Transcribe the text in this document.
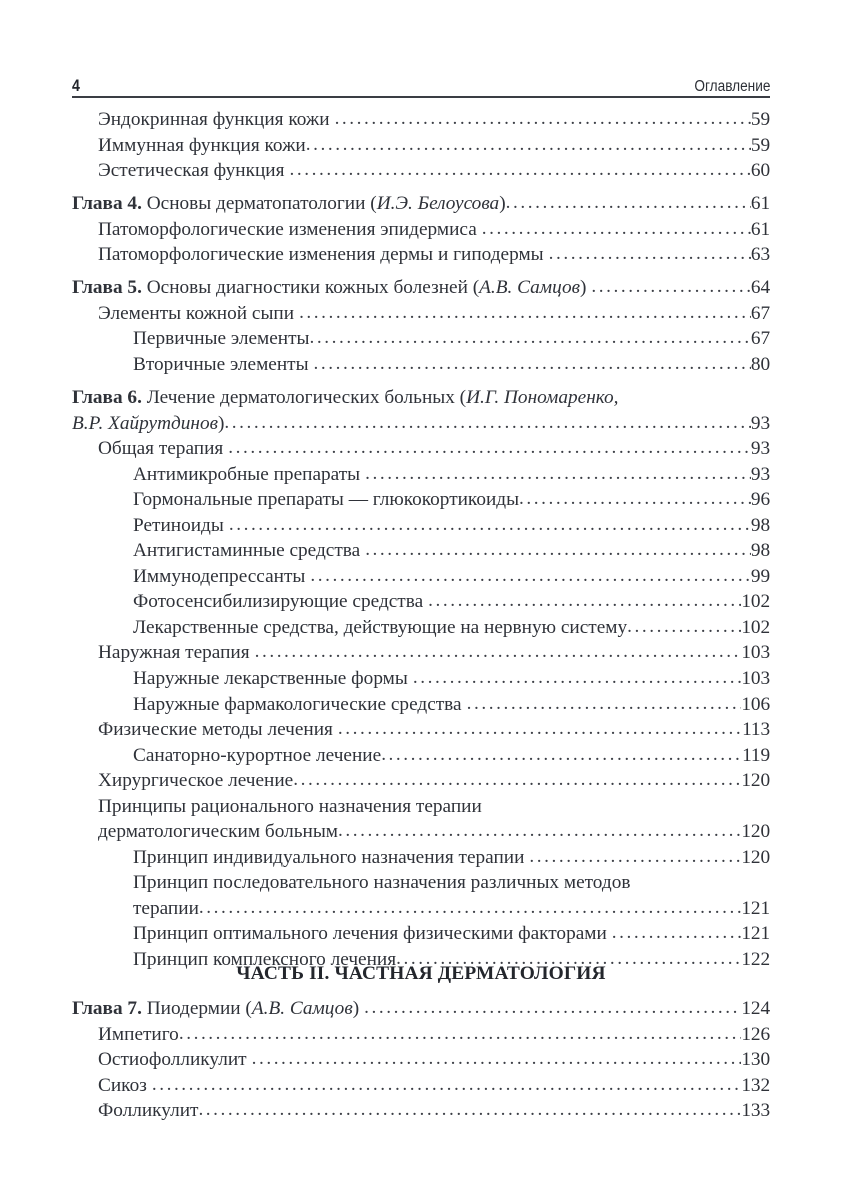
4	Оглавление
Эндокринная функция кожи .....	59
Иммунная функция кожи .....	59
Эстетическая функция .....	60
Глава 4. Основы дерматопатологии (И.Э. Белоусова) .....	61
Патоморфологические изменения эпидермиса .....	61
Патоморфологические изменения дермы и гиподермы .....	63
Глава 5. Основы диагностики кожных болезней (А.В. Самцов) .....	64
Элементы кожной сыпи .....	67
Первичные элементы .....	67
Вторичные элементы .....	80
Глава 6. Лечение дерматологических больных (И.Г. Пономаренко,
В.Р. Хайрутдинов) .....	93
Общая терапия .....	93
Антимикробные препараты .....	93
Гормональные препараты — глюкокортикоиды .....	96
Ретиноиды .....	98
Антигистаминные средства .....	98
Иммунодепрессанты .....	99
Фотосенсибилизирующие средства .....	102
Лекарственные средства, действующие на нервную систему .....	102
Наружная терапия .....	103
Наружные лекарственные формы .....	103
Наружные фармакологические средства .....	106
Физические методы лечения .....	113
Санаторно-курортное лечение .....	119
Хирургическое лечение .....	120
Принципы рационального назначения терапии
дерматологическим больным .....	120
Принцип индивидуального назначения терапии .....	120
Принцип последовательного назначения различных методов
терапии .....	121
Принцип оптимального лечения физическими факторами .....	121
Принцип комплексного лечения .....	122
ЧАСТЬ II. ЧАСТНАЯ ДЕРМАТОЛОГИЯ
Глава 7. Пиодермии (А.В. Самцов) .....	124
Импетиго .....	126
Остиофолликулит .....	130
Сикоз .....	132
Фолликулит .....	133
